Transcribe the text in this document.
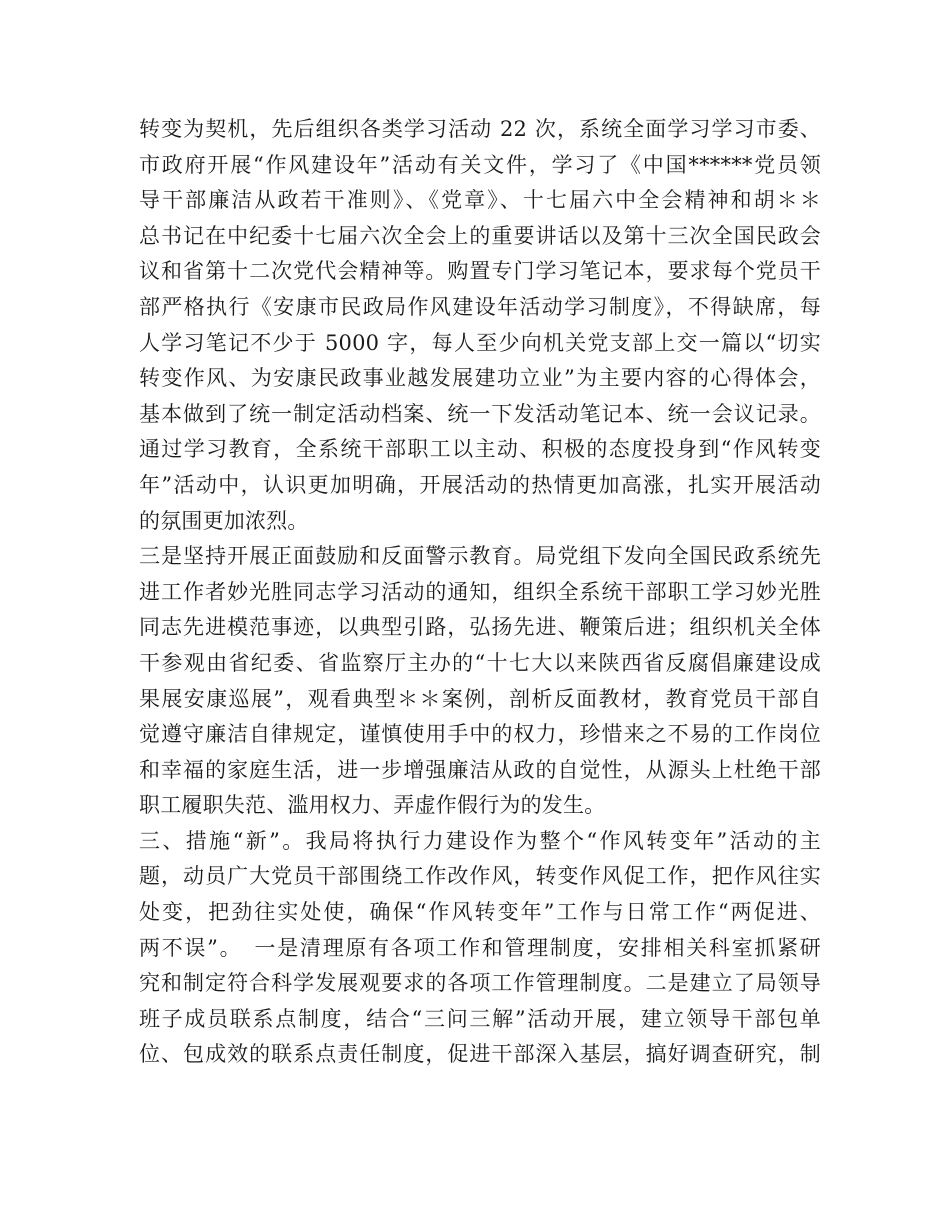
转变为契机，先后组织各类学习活动 22 次，系统全面学习学习市委、
市政府开展“作风建设年”活动有关文件，学习了《中国******党员领
导干部廉洁从政若干准则》、《党章》、十七届六中全会精神和胡＊＊
总书记在中纪委十七届六次全会上的重要讲话以及第十三次全国民政会
议和省第十二次党代会精神等。购置专门学习笔记本，要求每个党员干
部严格执行《安康市民政局作风建设年活动学习制度》，不得缺席，每
人学习笔记不少于 5000 字，每人至少向机关党支部上交一篇以“切实
转变作风、为安康民政事业越发展建功立业”为主要内容的心得体会，
基本做到了统一制定活动档案、统一下发活动笔记本、统一会议记录。
通过学习教育，全系统干部职工以主动、积极的态度投身到“作风转变
年”活动中，认识更加明确，开展活动的热情更加高涨，扎实开展活动
的氛围更加浓烈。
三是坚持开展正面鼓励和反面警示教育。局党组下发向全国民政系统先
进工作者妙光胜同志学习活动的通知，组织全系统干部职工学习妙光胜
同志先进模范事迹，以典型引路，弘扬先进、鞭策后进；组织机关全体
干参观由省纪委、省监察厅主办的“十七大以来陕西省反腐倡廉建设成
果展安康巡展”，观看典型＊＊案例，剖析反面教材，教育党员干部自
觉遵守廉洁自律规定，谨慎使用手中的权力，珍惜来之不易的工作岗位
和幸福的家庭生活，进一步增强廉洁从政的自觉性，从源头上杜绝干部
职工履职失范、滥用权力、弄虚作假行为的发生。
三、措施“新”。我局将执行力建设作为整个“作风转变年”活动的主
题，动员广大党员干部围绕工作改作风，转变作风促工作，把作风往实
处变，把劲往实处使，确保“作风转变年”工作与日常工作“两促进、
两不误”。　一是清理原有各项工作和管理制度，安排相关科室抓紧研
究和制定符合科学发展观要求的各项工作管理制度。二是建立了局领导
班子成员联系点制度，结合“三问三解”活动开展，建立领导干部包单
位、包成效的联系点责任制度，促进干部深入基层，搞好调查研究，制
